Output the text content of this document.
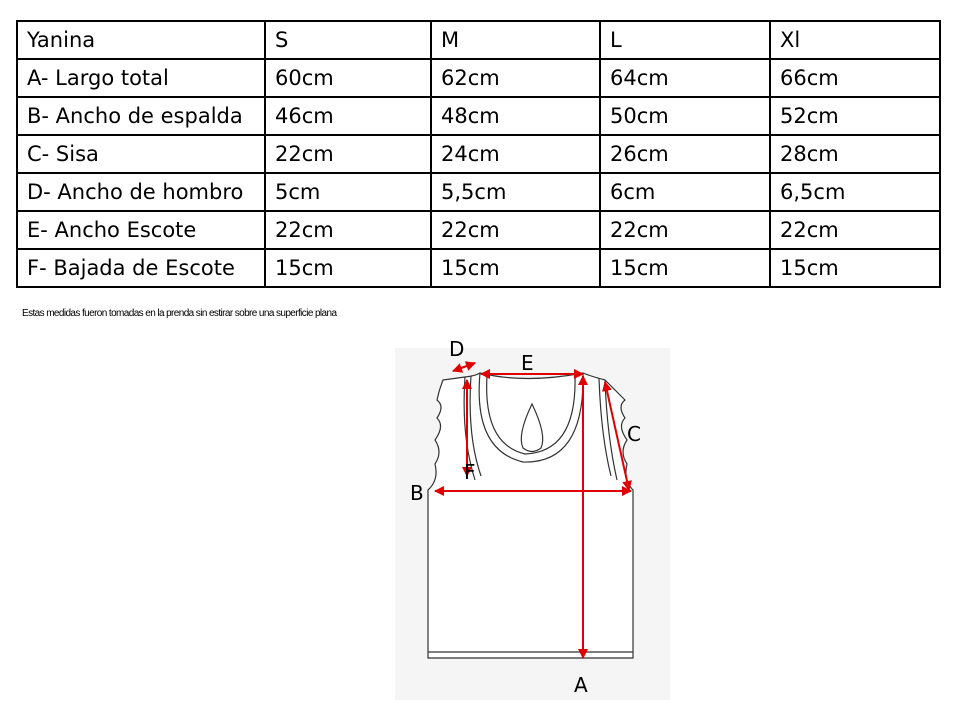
Yanina	S	M	L	Xl
A- Largo total	60cm	62cm	64cm	66cm
B- Ancho de espalda	46cm	48cm	50cm	52cm
C- Sisa	22cm	24cm	26cm	28cm
D- Ancho de hombro	5cm	5,5cm	6cm	6,5cm
E- Ancho Escote	22cm	22cm	22cm	22cm
F- Bajada de Escote	15cm	15cm	15cm	15cm
Estas medidas fueron tomadas en la prenda sin estirar sobre una superficie plana
D
E
C
F
B
A
